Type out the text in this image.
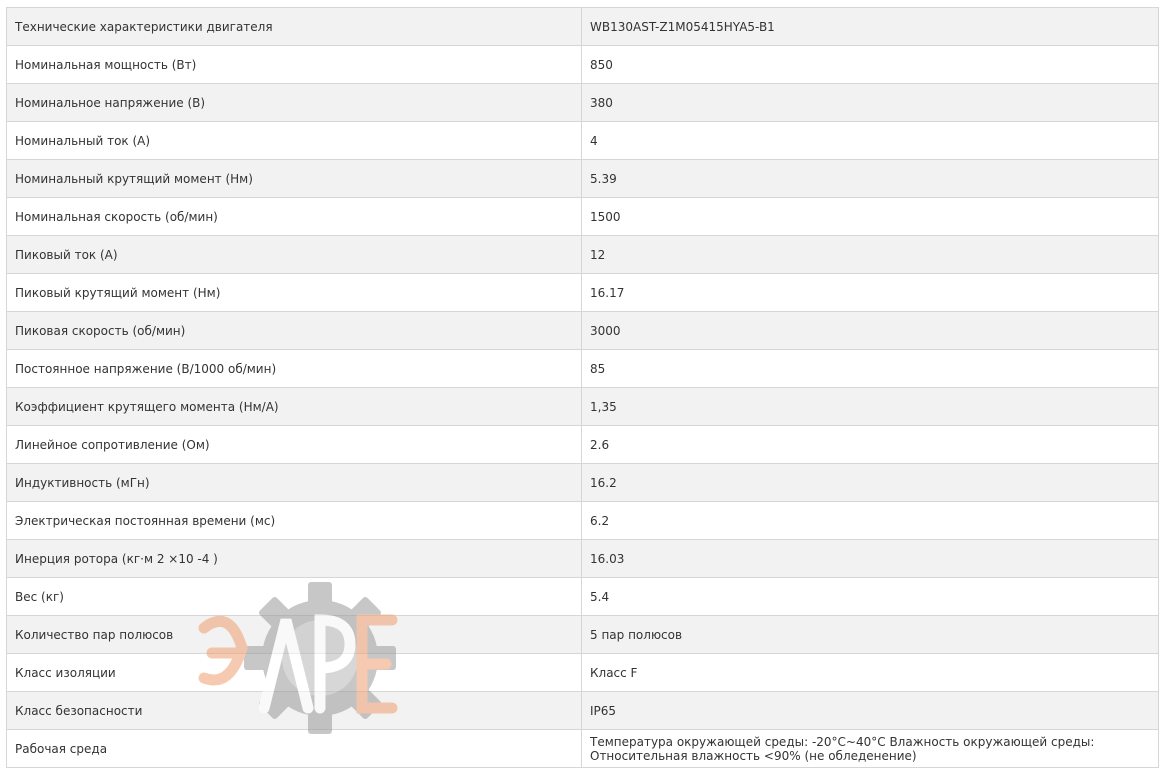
Технические характеристики двигателя	WB130AST-Z1M05415HYA5-B1
Номинальная мощность (Вт)	850
Номинальное напряжение (В)	380
Номинальный ток (А)	4
Номинальный крутящий момент (Нм)	5.39
Номинальная скорость (об/мин)	1500
Пиковый ток (А)	12
Пиковый крутящий момент (Нм)	16.17
Пиковая скорость (об/мин)	3000
Постоянное напряжение (В/1000 об/мин)	85
Коэффициент крутящего момента (Нм/А)	1,35
Линейное сопротивление (Ом)	2.6
Индуктивность (мГн)	16.2
Электрическая постоянная времени (мс)	6.2
Инерция ротора (кг·м 2 ×10 -4 )	16.03
Вес (кг)	5.4
Количество пар полюсов	5 пар полюсов
Класс изоляции	Класс F
Класс безопасности	IP65
Рабочая среда	Температура окружающей среды: -20°C~40°C Влажность окружающей среды: Относительная влажность <90% (не обледенение)
